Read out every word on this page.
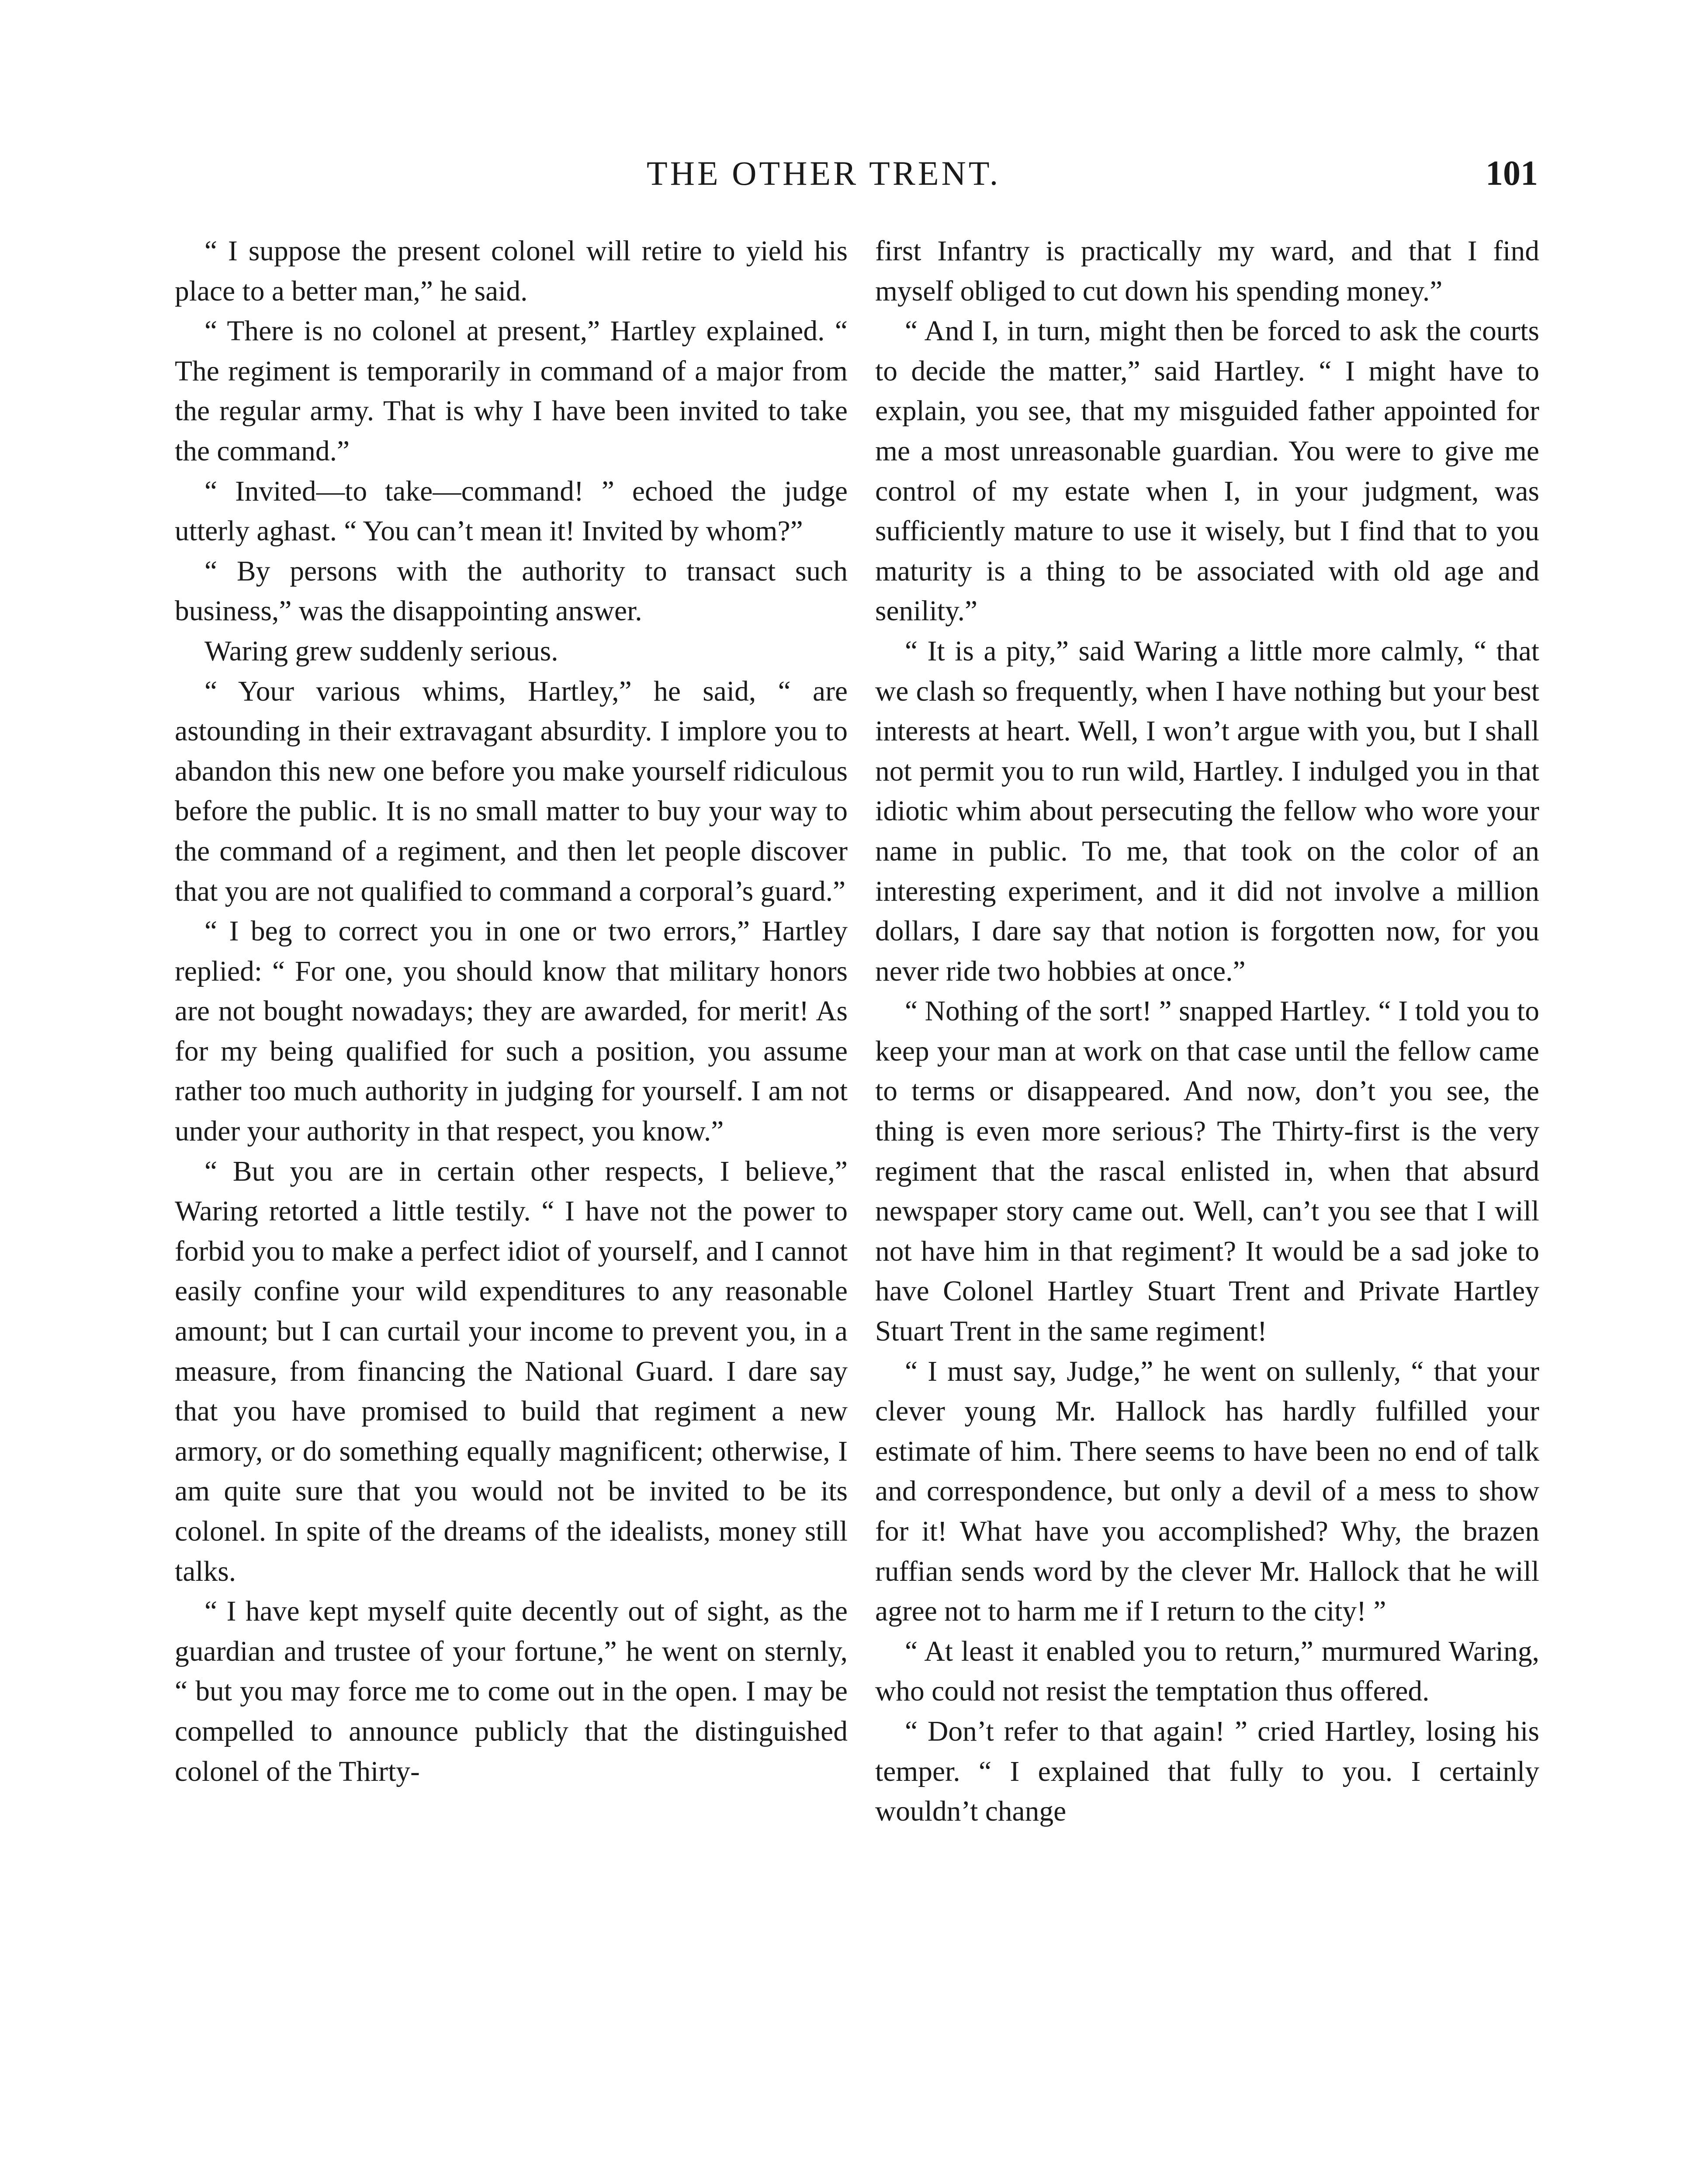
THE OTHER TRENT.	101

“ I suppose the present colonel will retire to yield his place to a better man,” he said.

“ There is no colonel at present,” Hartley explained. “ The regiment is temporarily in command of a major from the regular army. That is why I have been invited to take the command.”

“ Invited—to take—command! ” echoed the judge utterly aghast. “ You can’t mean it! Invited by whom?”

“ By persons with the authority to transact such business,” was the disappointing answer.

Waring grew suddenly serious.

“ Your various whims, Hartley,” he said, “ are astounding in their extravagant absurdity. I implore you to abandon this new one before you make yourself ridiculous before the public. It is no small matter to buy your way to the command of a regiment, and then let people discover that you are not qualified to command a corporal’s guard.”

“ I beg to correct you in one or two errors,” Hartley replied: “ For one, you should know that military honors are not bought nowadays; they are awarded, for merit! As for my being qualified for such a position, you assume rather too much authority in judging for yourself. I am not under your authority in that respect, you know.”

“ But you are in certain other respects, I believe,” Waring retorted a little testily. “ I have not the power to forbid you to make a perfect idiot of yourself, and I cannot easily confine your wild expenditures to any reasonable amount; but I can curtail your income to prevent you, in a measure, from financing the National Guard. I dare say that you have promised to build that regiment a new armory, or do something equally magnificent; otherwise, I am quite sure that you would not be invited to be its colonel. In spite of the dreams of the idealists, money still talks.

“ I have kept myself quite decently out of sight, as the guardian and trustee of your fortune,” he went on sternly, “ but you may force me to come out in the open. I may be compelled to announce publicly that the distinguished colonel of the Thirty-

first Infantry is practically my ward, and that I find myself obliged to cut down his spending money.”

“ And I, in turn, might then be forced to ask the courts to decide the matter,” said Hartley. “ I might have to explain, you see, that my misguided father appointed for me a most unreasonable guardian. You were to give me control of my estate when I, in your judgment, was sufficiently mature to use it wisely, but I find that to you maturity is a thing to be associated with old age and senility.”

“ It is a pity,” said Waring a little more calmly, “ that we clash so frequently, when I have nothing but your best interests at heart. Well, I won’t argue with you, but I shall not permit you to run wild, Hartley. I indulged you in that idiotic whim about persecuting the fellow who wore your name in public. To me, that took on the color of an interesting experiment, and it did not involve a million dollars, I dare say that notion is forgotten now, for you never ride two hobbies at once.”

“ Nothing of the sort! ” snapped Hartley. “ I told you to keep your man at work on that case until the fellow came to terms or disappeared. And now, don’t you see, the thing is even more serious? The Thirty-first is the very regiment that the rascal enlisted in, when that absurd newspaper story came out. Well, can’t you see that I will not have him in that regiment? It would be a sad joke to have Colonel Hartley Stuart Trent and Private Hartley Stuart Trent in the same regiment!

“ I must say, Judge,” he went on sullenly, “ that your clever young Mr. Hallock has hardly fulfilled your estimate of him. There seems to have been no end of talk and correspondence, but only a devil of a mess to show for it! What have you accomplished? Why, the brazen ruffian sends word by the clever Mr. Hallock that he will agree not to harm me if I return to the city! ”

“ At least it enabled you to return,” murmured Waring, who could not resist the temptation thus offered.

“ Don’t refer to that again! ” cried Hartley, losing his temper. “ I explained that fully to you. I certainly wouldn’t change
